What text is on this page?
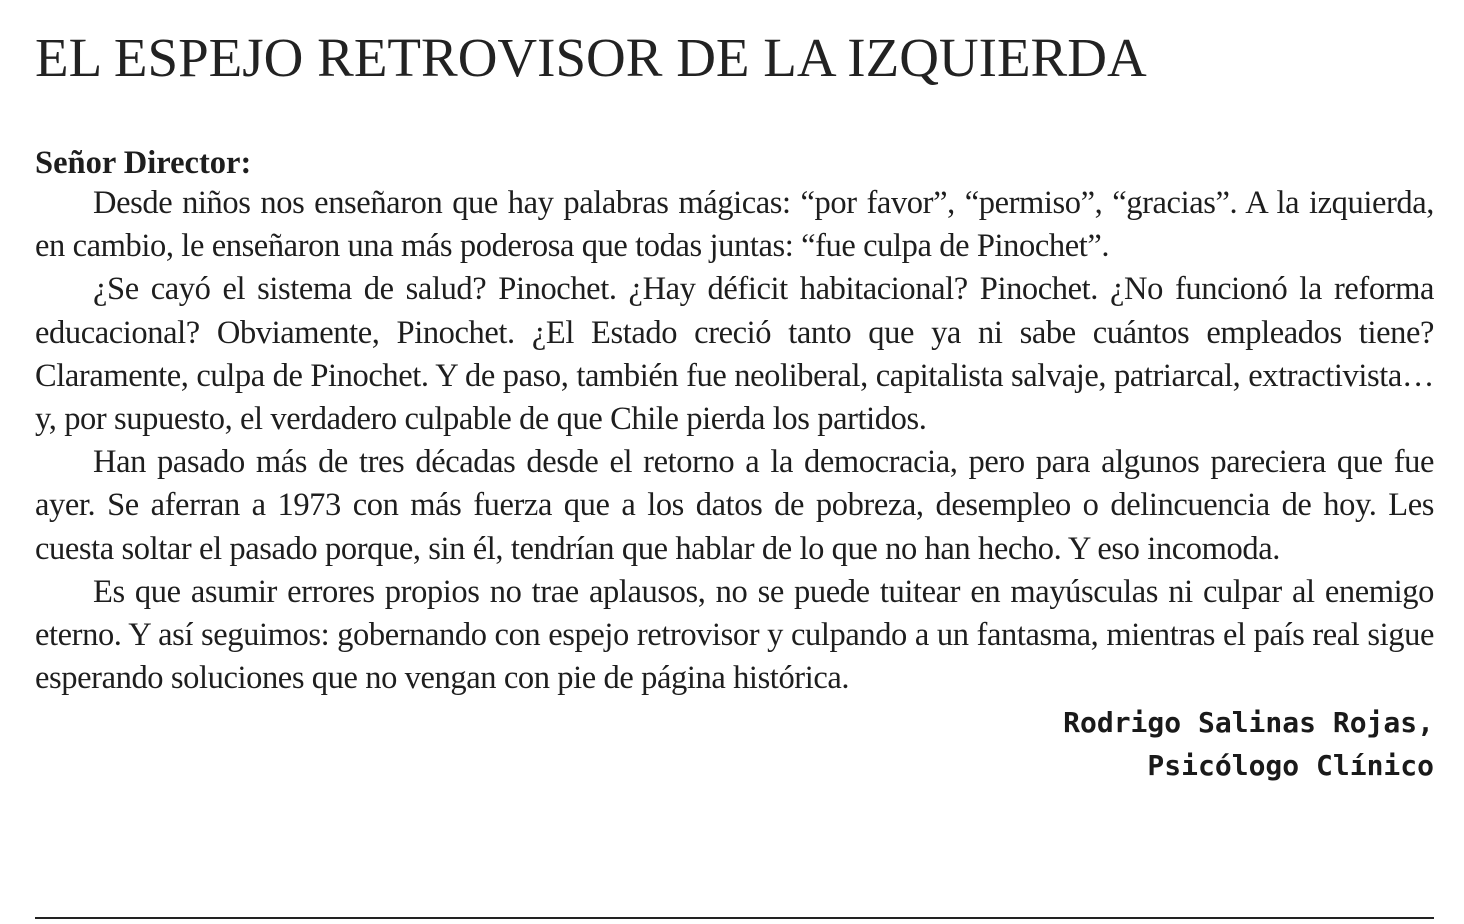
EL ESPEJO RETROVISOR DE LA IZQUIERDA

Señor Director:

Desde niños nos enseñaron que hay palabras mágicas: “por favor”, “permiso”, “gracias”. A la izquierda, en cambio, le enseñaron una más poderosa que todas juntas: “fue culpa de Pinochet”.

¿Se cayó el sistema de salud? Pinochet. ¿Hay déficit habitacional? Pinochet. ¿No funcionó la reforma educacional? Obviamente, Pinochet. ¿El Estado creció tanto que ya ni sabe cuántos empleados tiene? Claramente, culpa de Pinochet. Y de paso, también fue neoliberal, capitalista salvaje, patriarcal, extractivista… y, por supuesto, el verdadero culpable de que Chile pierda los partidos.

Han pasado más de tres décadas desde el retorno a la democracia, pero para algunos pareciera que fue ayer. Se aferran a 1973 con más fuerza que a los datos de pobreza, desempleo o delincuencia de hoy. Les cuesta soltar el pasado porque, sin él, tendrían que hablar de lo que no han hecho. Y eso incomoda.

Es que asumir errores propios no trae aplausos, no se puede tuitear en mayúsculas ni culpar al enemigo eterno. Y así seguimos: gobernando con espejo retrovisor y culpando a un fantasma, mientras el país real sigue esperando soluciones que no vengan con pie de página histórica.

Rodrigo Salinas Rojas,
Psicólogo Clínico
